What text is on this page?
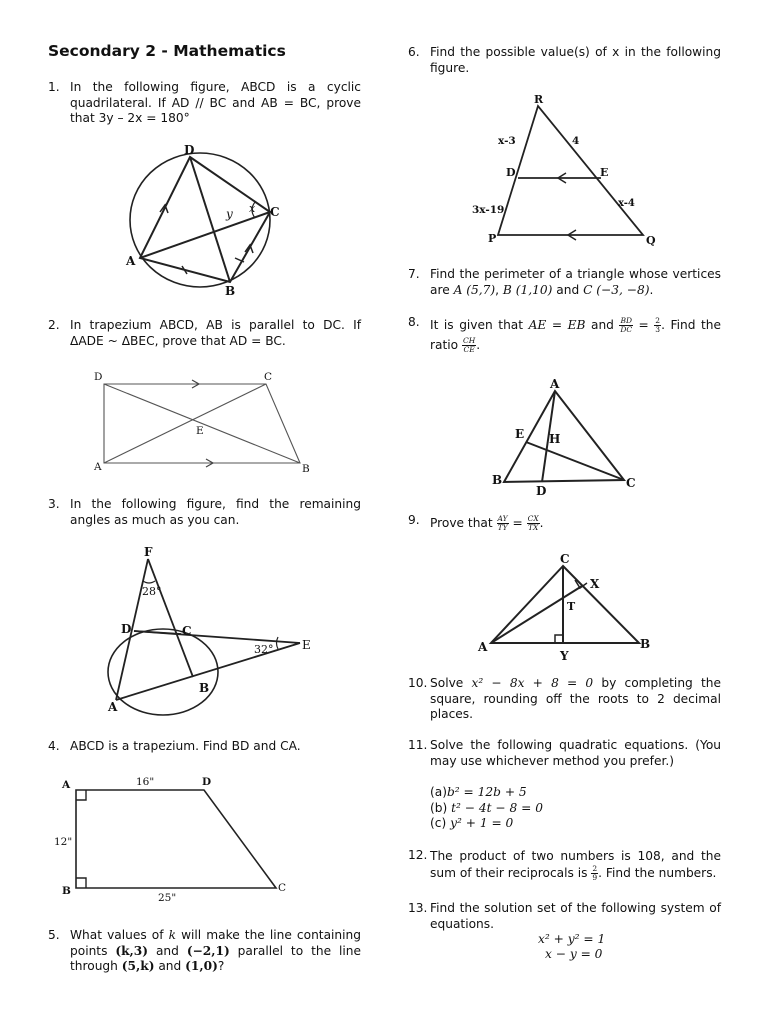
Secondary 2 - Mathematics
1. In the following figure, ABCD is a cyclic quadrilateral. If AD // BC and AB = BC, prove that 3y – 2x = 180°
D
C
A
B
x
y
2. In trapezium ABCD, AB is parallel to DC. If ΔADE ~ ΔBEC, prove that AD = BC.
D	C
E
A	B
3. In the following figure, find the remaining angles as much as you can.
F
28°
D	C
32° E
B
A
4. ABCD is a trapezium. Find BD and CA.
A	16"	D
12"
B
25"
C
5. What values of k will make the line containing points (k,3) and (−2,1) parallel to the line through (5,k) and (1,0)?
6. Find the possible value(s) of x in the following figure.
R
x-3	4
D	E
x-4
3x-19
P	Q
7. Find the perimeter of a triangle whose vertices are A (5,7), B (1,10) and C (−3, −8).
8. It is given that AE = EB and $\frac{BD}{DC} = \frac{2}{3}$ . Find the ratio $\frac{CH}{CE}$ .
A
E H
B
D
C
9. Prove that $\frac{AY}{TY} = \frac{CX}{TX}$ .
C
X
T
A	B
Y
10. Solve x² − 8x + 8 = 0 by completing the square, rounding off the roots to 2 decimal places.
11. Solve the following quadratic equations. (You may use whichever method you prefer.)
(a)b² = 12b + 5
(b) t² − 4t − 8 = 0
(c) y² + 1 = 0
12. The product of two numbers is 108, and the sum of their reciprocals is $\frac{2}{9}$ . Find the numbers.
13. Find the solution set of the following system of equations.
x² + y² = 1
x − y = 0
